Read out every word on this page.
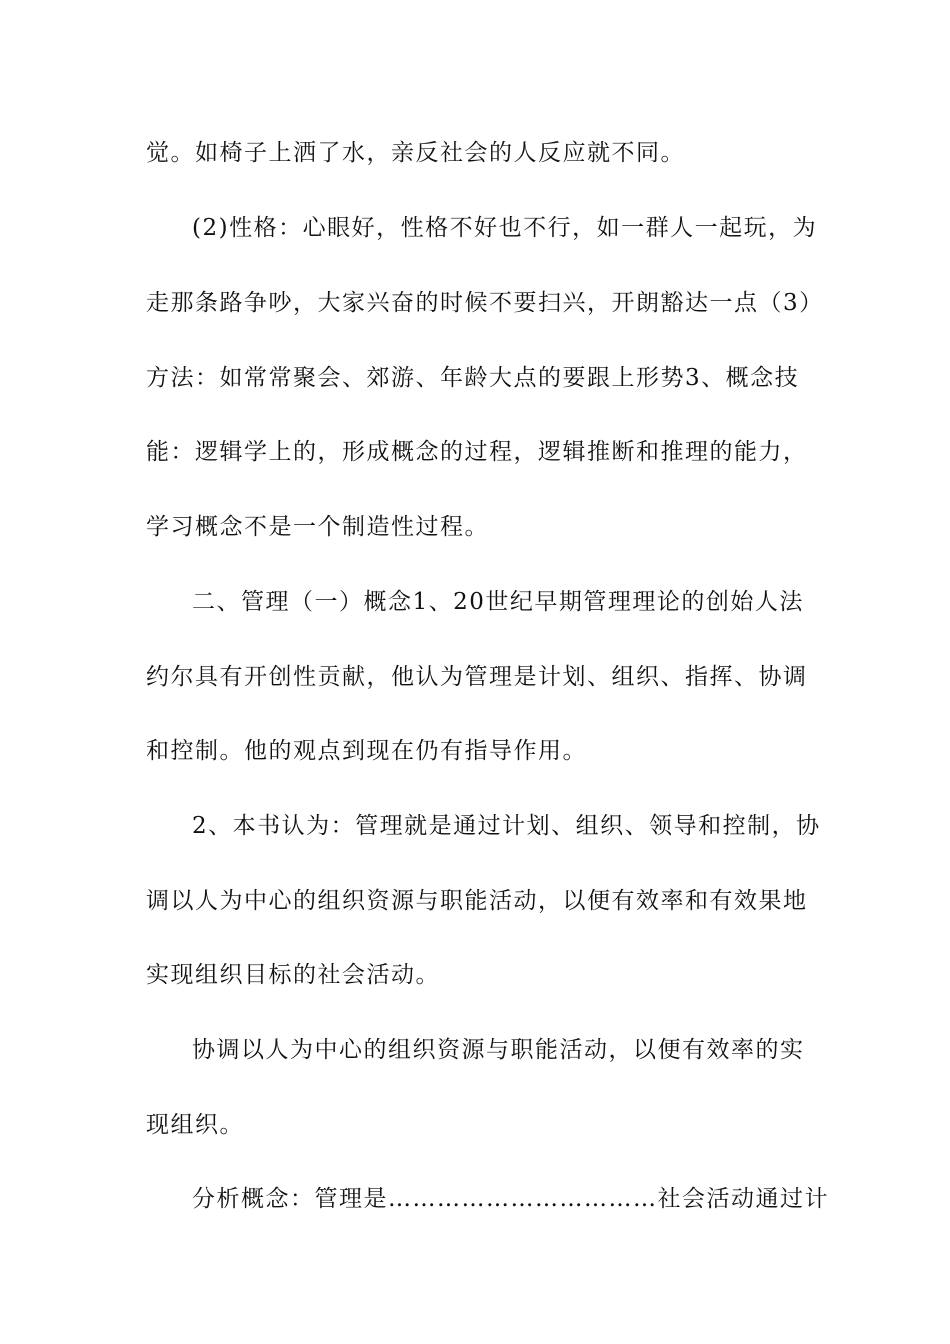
觉。如椅子上洒了水，亲反社会的人反应就不同。
(2)性格：心眼好，性格不好也不行，如一群人一起玩，为
走那条路争吵，大家兴奋的时候不要扫兴，开朗豁达一点（3）
方法：如常常聚会、郊游、年龄大点的要跟上形势3、概念技
能：逻辑学上的，形成概念的过程，逻辑推断和推理的能力，
学习概念不是一个制造性过程。
二、管理（一）概念1、20世纪早期管理理论的创始人法
约尔具有开创性贡献，他认为管理是计划、组织、指挥、协调
和控制。他的观点到现在仍有指导作用。
2、本书认为：管理就是通过计划、组织、领导和控制，协
调以人为中心的组织资源与职能活动，以便有效率和有效果地
实现组织目标的社会活动。
协调以人为中心的组织资源与职能活动，以便有效率的实
现组织。
分析概念：管理是……………………………社会活动通过计
